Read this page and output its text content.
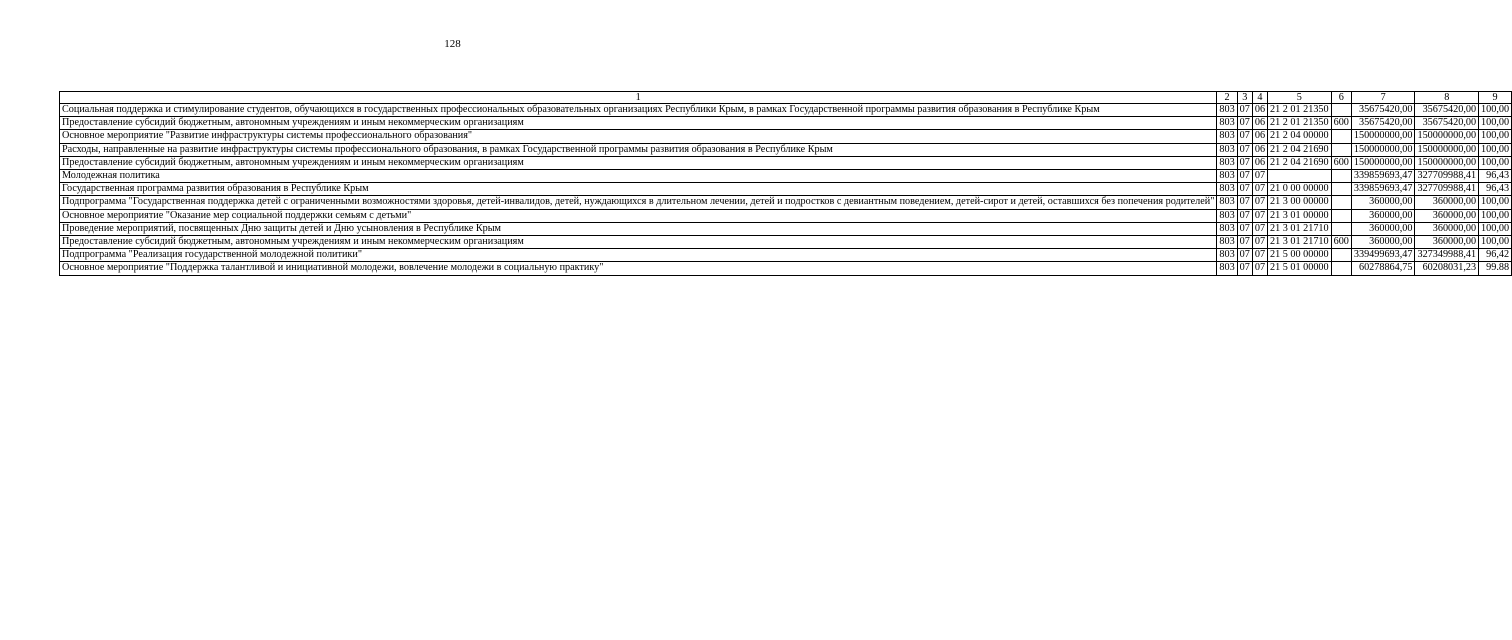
128
1	2	3	4	5	6	7	8	9
Социальная поддержка и стимулирование студентов, обучающихся в государственных профессиональных образовательных организациях Республики Крым, в рамках Государственной программы развития образования в Республике Крым	803	07	06	21 2 01 21350		35675420,00	35675420,00	100,00
Предоставление субсидий бюджетным, автономным учреждениям и иным некоммерческим организациям	803	07	06	21 2 01 21350	600	35675420,00	35675420,00	100,00
Основное мероприятие "Развитие инфраструктуры системы профессионального образования"	803	07	06	21 2 04 00000		150000000,00	150000000,00	100,00
Расходы, направленные на развитие инфраструктуры системы профессионального образования, в рамках Государственной программы развития образования в Республике Крым	803	07	06	21 2 04 21690		150000000,00	150000000,00	100,00
Предоставление субсидий бюджетным, автономным учреждениям и иным некоммерческим организациям	803	07	06	21 2 04 21690	600	150000000,00	150000000,00	100,00
Молодежная политика	803	07	07			339859693,47	327709988,41	96,43
Государственная программа развития образования в Республике Крым	803	07	07	21 0 00 00000		339859693,47	327709988,41	96,43
Подпрограмма "Государственная поддержка детей с ограниченными возможностями здоровья, детей-инвалидов, детей, нуждающихся в длительном лечении, детей и подростков с девиантным поведением, детей-сирот и детей, оставшихся без попечения родителей"	803	07	07	21 3 00 00000		360000,00	360000,00	100,00
Основное мероприятие "Оказание мер социальной поддержки семьям с детьми"	803	07	07	21 3 01 00000		360000,00	360000,00	100,00
Проведение мероприятий, посвященных Дню защиты детей и Дню усыновления в Республике Крым	803	07	07	21 3 01 21710		360000,00	360000,00	100,00
Предоставление субсидий бюджетным, автономным учреждениям и иным некоммерческим организациям	803	07	07	21 3 01 21710	600	360000,00	360000,00	100,00
Подпрограмма "Реализация государственной молодежной политики"	803	07	07	21 5 00 00000		339499693,47	327349988,41	96,42
Основное мероприятие "Поддержка талантливой и инициативной молодежи, вовлечение молодежи в социальную практику"	803	07	07	21 5 01 00000		60278864,75	60208031,23	99.88
